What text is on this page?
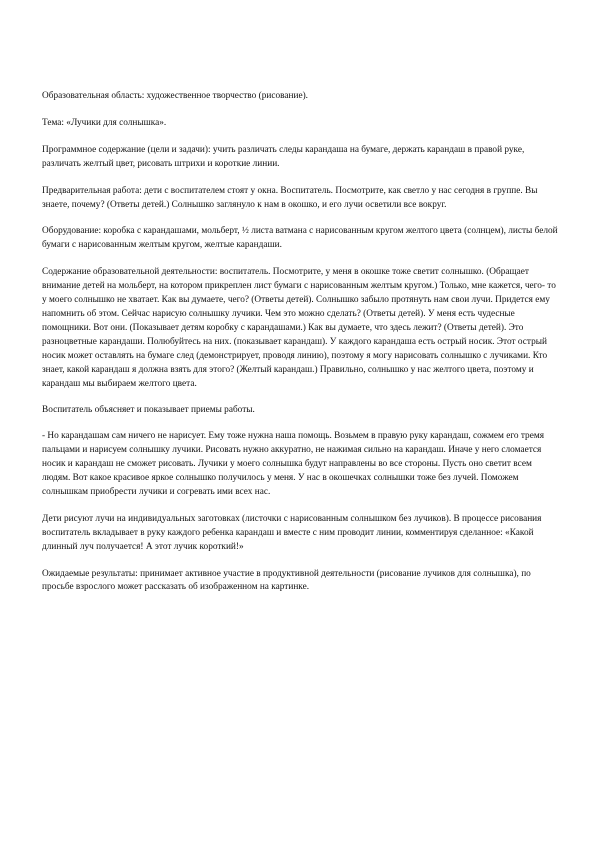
Образовательная область: художественное творчество (рисование).

Тема: «Лучики для солнышка».

Программное содержание (цели и задачи): учить различать следы карандаша на бумаге, держать карандаш в правой руке, различать желтый цвет, рисовать штрихи и короткие линии.

Предварительная работа: дети с воспитателем стоят у окна. Воспитатель. Посмотрите, как светло у нас сегодня в группе. Вы знаете, почему? (Ответы детей.) Солнышко заглянуло к нам в окошко, и его лучи осветили все вокруг.

Оборудование: коробка с карандашами, мольберт, ½ листа ватмана с нарисованным кругом желтого цвета (солнцем), листы белой бумаги с нарисованным желтым кругом, желтые карандаши.

Содержание образовательной деятельности: воспитатель. Посмотрите, у меня в окошке тоже светит солнышко. (Обращает внимание детей на мольберт, на котором прикреплен лист бумаги с нарисованным желтым кругом.) Только, мне кажется, чего- то у моего солнышко не хватает. Как вы думаете, чего? (Ответы детей). Солнышко забыло протянуть нам свои лучи. Придется ему напомнить об этом. Сейчас нарисую солнышку лучики. Чем это можно сделать? (Ответы детей). У меня есть чудесные помощники. Вот они. (Показывает детям коробку с карандашами.) Как вы думаете, что здесь лежит? (Ответы детей). Это разноцветные карандаши. Полюбуйтесь на них. (показывает карандаш). У каждого карандаша есть острый носик. Этот острый носик может оставлять на бумаге след (демонстрирует, проводя линию), поэтому я могу нарисовать солнышко с лучиками. Кто знает, какой карандаш я должна взять для этого? (Желтый карандаш.) Правильно, солнышко у нас желтого цвета, поэтому и карандаш мы выбираем желтого цвета.

Воспитатель объясняет и показывает приемы работы.

- Но карандашам сам ничего не нарисует. Ему тоже нужна наша помощь. Возьмем в правую руку карандаш, сожмем его тремя пальцами и нарисуем солнышку лучики. Рисовать нужно аккуратно, не нажимая сильно на карандаш. Иначе у него сломается носик и карандаш не сможет рисовать. Лучики у моего солнышка будут направлены во все стороны. Пусть оно светит всем людям. Вот какое красивое яркое солнышко получилось у меня. У нас в окошечках солнышки тоже без лучей. Поможем солнышкам приобрести лучики и согревать ими всех нас.

Дети рисуют лучи на индивидуальных заготовках (листочки с нарисованным солнышком без лучиков). В процессе рисования воспитатель вкладывает в руку каждого ребенка карандаш и вместе с ним проводит линии, комментируя сделанное: «Какой длинный луч получается! А этот лучик короткий!»

Ожидаемые результаты: принимает активное участие в продуктивной деятельности (рисование лучиков для солнышка), по просьбе взрослого может рассказать об изображенном на картинке.
